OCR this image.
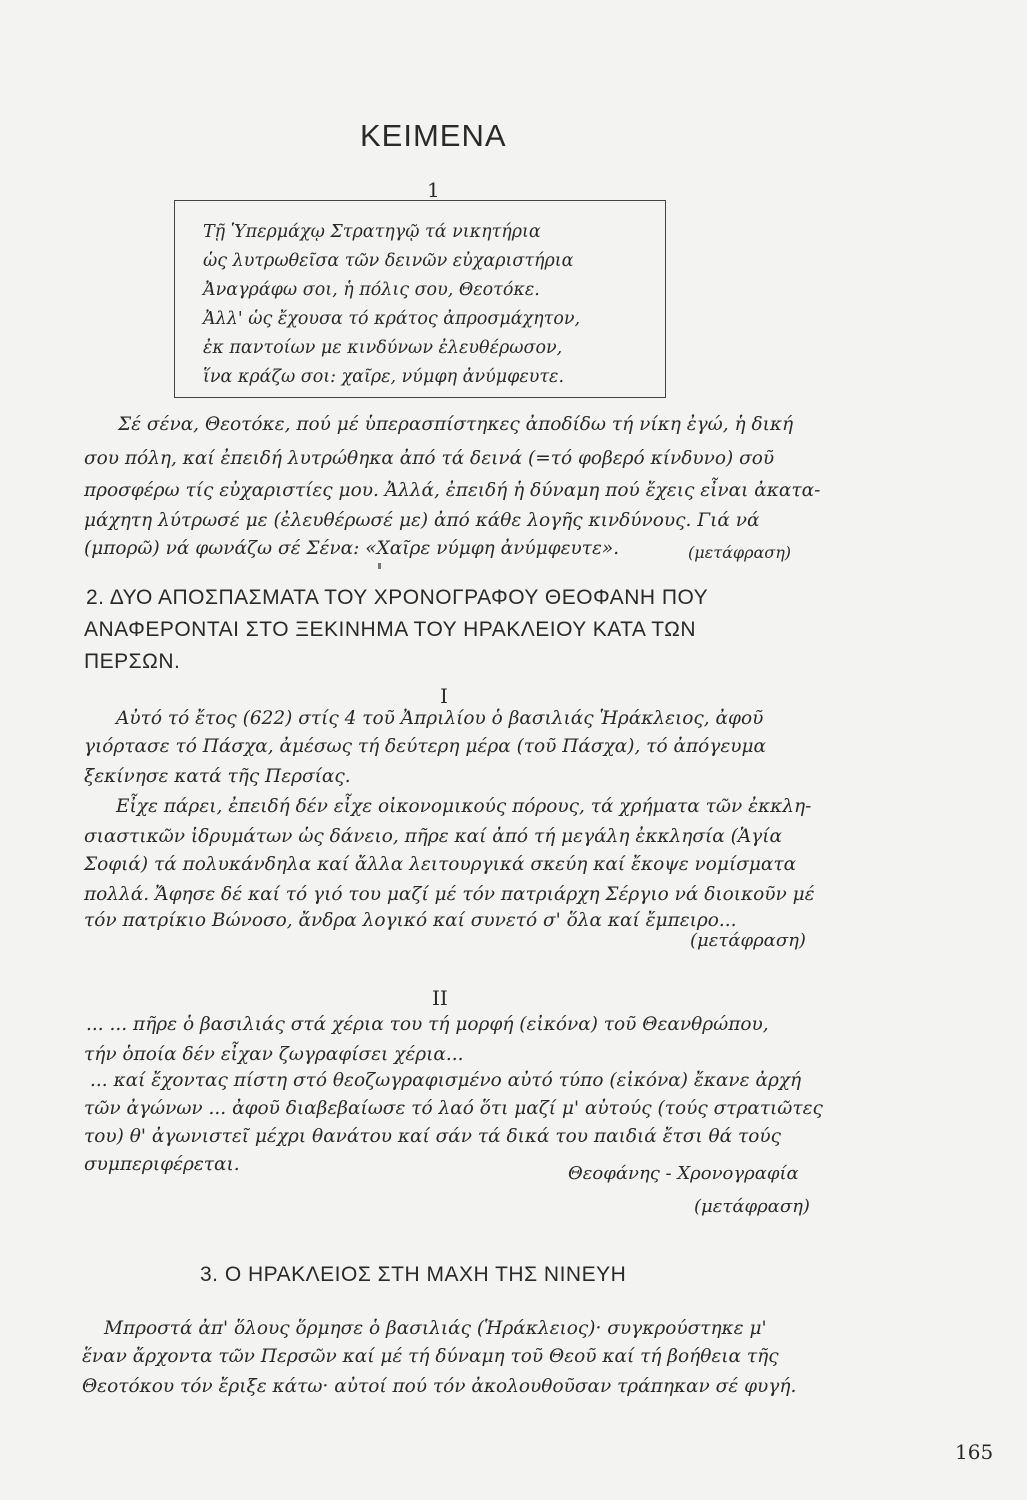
KEIMENA
1
Τῇ Ὑπερμάχῳ Στρατηγῷ τά νικητήρια
ὡς λυτρωθεῖσα τῶν δεινῶν εὐχαριστήρια
Ἀναγράφω σοι, ἡ πόλις σου, Θεοτόκε.
Ἀλλ' ὡς ἔχουσα τό κράτος ἀπροσμάχητον,
ἐκ παντοίων με κινδύνων ἐλευθέρωσον,
ἵνα κράζω σοι: χαῖρε, νύμφη ἀνύμφευτε.
Σέ σένα, Θεοτόκε, πού μέ ὑπερασπίστηκες ἀποδίδω τή νίκη ἐγώ, ἡ δική
σου πόλη, καί ἐπειδή λυτρώθηκα ἀπό τά δεινά (=τό φοβερό κίνδυνο) σοῦ
προσφέρω τίς εὐχαριστίες μου. Ἀλλά, ἐπειδή ἡ δύναμη πού ἔχεις εἶναι ἀκατα-
μάχητη λύτρωσέ με (ἐλευθέρωσέ με) ἀπό κάθε λογῆς κινδύνους. Γιά νά
(μπορῶ) νά φωνάζω σέ Σένα: «Χαῖρε νύμφη ἀνύμφευτε».	(μετάφραση)
2. ΔΥΟ ΑΠΟΣΠΑΣΜΑΤΑ ΤΟΥ ΧΡΟΝΟΓΡΑΦΟΥ ΘΕΟΦΑΝΗ ΠΟΥ
ΑΝΑΦΕΡΟΝΤΑΙ ΣΤΟ ΞΕΚΙΝΗΜΑ ΤΟΥ ΗΡΑΚΛΕΙΟΥ ΚΑΤΑ ΤΩΝ
ΠΕΡΣΩΝ.
I
Αὐτό τό ἔτος (622) στίς 4 τοῦ Ἀπριλίου ὁ βασιλιάς Ἡράκλειος, ἀφοῦ
γιόρτασε τό Πάσχα, ἀμέσως τή δεύτερη μέρα (τοῦ Πάσχα), τό ἀπόγευμα
ξεκίνησε κατά τῆς Περσίας.
Εἶχε πάρει, ἐπειδή δέν εἶχε οἰκονομικούς πόρους, τά χρήματα τῶν ἐκκλη-
σιαστικῶν ἱδρυμάτων ὡς δάνειο, πῆρε καί ἀπό τή μεγάλη ἐκκλησία (Ἁγία
Σοφιά) τά πολυκάνδηλα καί ἄλλα λειτουργικά σκεύη καί ἔκοψε νομίσματα
πολλά. Ἄφησε δέ καί τό γιό του μαζί μέ τόν πατριάρχη Σέργιο νά διοικοῦν μέ
τόν πατρίκιο Βώνοσο, ἄνδρα λογικό καί συνετό σ' ὅλα καί ἔμπειρο...
(μετάφραση)
II
... ... πῆρε ὁ βασιλιάς στά χέρια του τή μορφή (εἰκόνα) τοῦ Θεανθρώπου,
τήν ὁποία δέν εἶχαν ζωγραφίσει χέρια...
... καί ἔχοντας πίστη στό θεοζωγραφισμένο αὐτό τύπο (εἰκόνα) ἔκανε ἀρχή
τῶν ἀγώνων ... ἀφοῦ διαβεβαίωσε τό λαό ὅτι μαζί μ' αὐτούς (τούς στρατιῶτες
του) θ' ἀγωνιστεῖ μέχρι θανάτου καί σάν τά δικά του παιδιά ἔτσι θά τούς
συμπεριφέρεται.	Θεοφάνης - Χρονογραφία
(μετάφραση)
3. Ο ΗΡΑΚΛΕΙΟΣ ΣΤΗ ΜΑΧΗ ΤΗΣ ΝΙΝΕΥΗ
Μπροστά ἀπ' ὅλους ὅρμησε ὁ βασιλιάς (Ἡράκλειος)· συγκρούστηκε μ'
ἕναν ἄρχοντα τῶν Περσῶν καί μέ τή δύναμη τοῦ Θεοῦ καί τή βοήθεια τῆς
Θεοτόκου τόν ἔριξε κάτω· αὐτοί πού τόν ἀκολουθοῦσαν τράπηκαν σέ φυγή.
165
